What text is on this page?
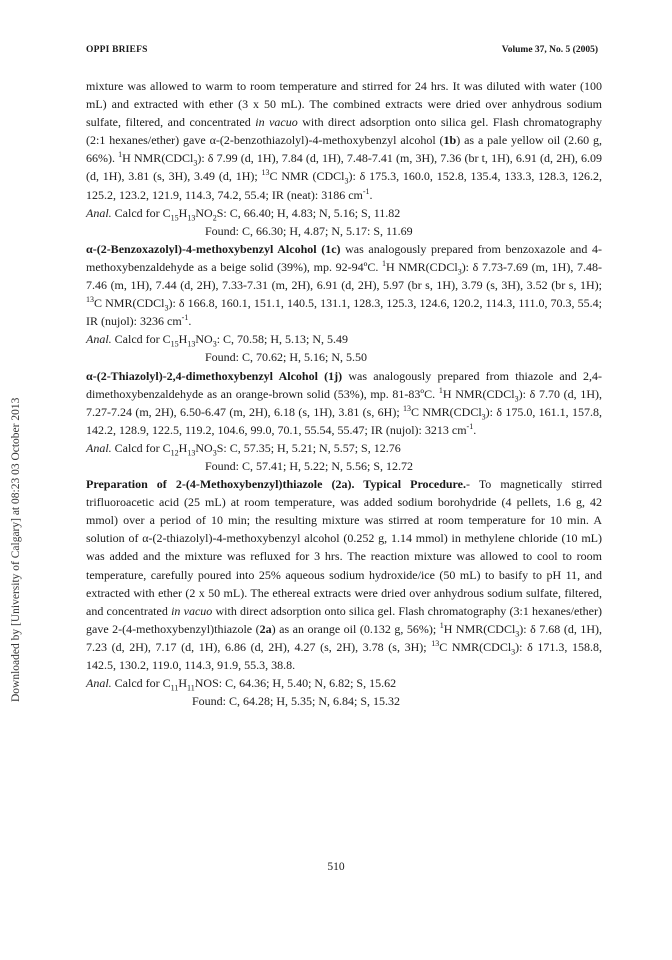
OPPI BRIEFS	Volume 37, No. 5 (2005)
Downloaded by [University of Calgary] at 08:23 03 October 2013

mixture was allowed to warm to room temperature and stirred for 24 hrs. It was diluted with water (100 mL) and extracted with ether (3 x 50 mL). The combined extracts were dried over anhydrous sodium sulfate, filtered, and concentrated in vacuo with direct adsorption onto silica gel. Flash chromatography (2:1 hexanes/ether) gave α-(2-benzothiazolyl)-4-methoxybenzyl alcohol (1b) as a pale yellow oil (2.60 g, 66%). $^1$H NMR(CDCl$_3$): δ 7.99 (d, 1H), 7.84 (d, 1H), 7.48-7.41 (m, 3H), 7.36 (br t, 1H), 6.91 (d, 2H), 6.09 (d, 1H), 3.81 (s, 3H), 3.49 (d, 1H); $^{13}$C NMR (CDCl$_3$): δ 175.3, 160.0, 152.8, 135.4, 133.3, 128.3, 126.2, 125.2, 123.2, 121.9, 114.3, 74.2, 55.4; IR (neat): 3186 $cm^{-1}$.

Anal. Calcd for $C_{15}H_{13}NO_2S$: C, 66.40; H, 4.83; N, 5.16; S, 11.82

Found: C, 66.30; H, 4.87; N, 5.17: S, 11.69

α-(2-Benzoxazolyl)-4-methoxybenzyl Alcohol (1c) was analogously prepared from benzoxazole and 4-methoxybenzaldehyde as a beige solid (39%), mp. 92-94ºC. $^1$H NMR(CDCl$_3$): δ 7.73-7.69 (m, 1H), 7.48-7.46 (m, 1H), 7.44 (d, 2H), 7.33-7.31 (m, 2H), 6.91 (d, 2H), 5.97 (br s, 1H), 3.79 (s, 3H), 3.52 (br s, 1H); $^{13}$C NMR(CDCl$_3$): δ 166.8, 160.1, 151.1, 140.5, 131.1, 128.3, 125.3, 124.6, 120.2, 114.3, 111.0, 70.3, 55.4; IR (nujol): 3236 $cm^{-1}$.

Anal. Calcd for $C_{15}H_{13}NO_3$: C, 70.58; H, 5.13; N, 5.49

Found: C, 70.62; H, 5.16; N, 5.50

α-(2-Thiazolyl)-2,4-dimethoxybenzyl Alcohol (1j) was analogously prepared from thiazole and 2,4-dimethoxybenzaldehyde as an orange-brown solid (53%), mp. 81-83ºC. $^1$H NMR(CDCl$_3$): δ 7.70 (d, 1H), 7.27-7.24 (m, 2H), 6.50-6.47 (m, 2H), 6.18 (s, 1H), 3.81 (s, 6H); $^{13}$C NMR(CDCl$_3$): δ 175.0, 161.1, 157.8, 142.2, 128.9, 122.5, 119.2, 104.6, 99.0, 70.1, 55.54, 55.47; IR (nujol): 3213 $cm^{-1}$.

Anal. Calcd for $C_{12}H_{13}NO_3S$: C, 57.35; H, 5.21; N, 5.57; S, 12.76

Found: C, 57.41; H, 5.22; N, 5.56; S, 12.72

Preparation of 2-(4-Methoxybenzyl)thiazole (2a). Typical Procedure.- To magnetically stirred trifluoroacetic acid (25 mL) at room temperature, was added sodium borohydride (4 pellets, 1.6 g, 42 mmol) over a period of 10 min; the resulting mixture was stirred at room temperature for 10 min. A solution of α-(2-thiazolyl)-4-methoxybenzyl alcohol (0.252 g, 1.14 mmol) in methylene chloride (10 mL) was added and the mixture was refluxed for 3 hrs. The reaction mixture was allowed to cool to room temperature, carefully poured into 25% aqueous sodium hydroxide/ice (50 mL) to basify to pH 11, and extracted with ether (2 x 50 mL). The ethereal extracts were dried over anhydrous sodium sulfate, filtered, and concentrated in vacuo with direct adsorption onto silica gel. Flash chromatography (3:1 hexanes/ether) gave 2-(4-methoxybenzyl)thiazole (2a) as an orange oil (0.132 g, 56%); $^1$H NMR(CDCl$_3$): δ 7.68 (d, 1H), 7.23 (d, 2H), 7.17 (d, 1H), 6.86 (d, 2H), 4.27 (s, 2H), 3.78 (s, 3H); $^{13}$C NMR(CDCl$_3$): δ 171.3, 158.8, 142.5, 130.2, 119.0, 114.3, 91.9, 55.3, 38.8.

Anal. Calcd for $C_{11}H_{11}NOS$: C, 64.36; H, 5.40; N, 6.82; S, 15.62

Found: C, 64.28; H, 5.35; N, 6.84; S, 15.32

510
